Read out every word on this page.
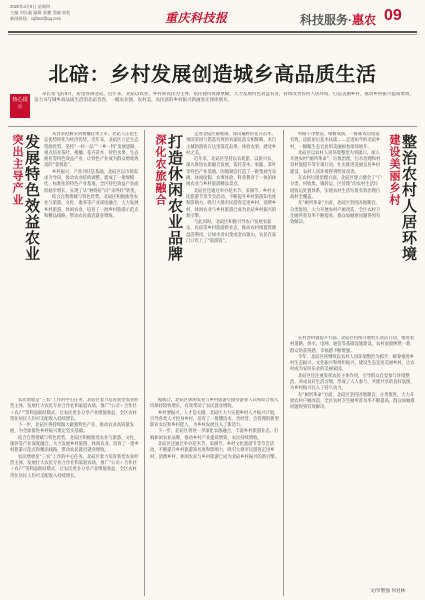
2020年4月9日 星期四
主编 刘长翁 编辑 张鹏 美编 郭松
新闻热线：cqfaxz@qq.com	重庆科技报	科技服务·惠农 09
北碚：乡村发展创造城乡高品质生活
核心提示

草长莺飞的4月，希望春满北碚。近年来，北碚以农业、乡村和农民为主体，依托独特资源禀赋，大力发展特色效益农业，持续改善农村人居环境，打造美丽乡村，推动乡村振兴提质增效，奋力书写城乡高品质生活的北碚答卷，一幅农业强、农村美、农民富的乡村振兴新画卷正徐徐展开。

突出主导产业 发展特色效益农业	从春茶抢摘采到柑橘挂果上市，北碚人正把生态优势转化为经济优势。近年来，北碚区立足生态资源优势，坚持“一村一品”“一乡一特”发展思路，重点培育茶叶、柑橘、花卉苗木、特色水果、生态渔业等特色效益产业，让特色产业成为群众增收致富的“金钥匙”。

乡村振兴，产业兴旺是基础。北碚区以市场需求为导向，推动农业结构调整，建成了一批规模化、标准化的特色产业基地，全区特色效益产业面积稳步增长，实现了从“种得好”向“卖得好”转变。

结合自然禀赋与特色优势，北碚区积极推进农业与旅游、文化、康养等产业深度融合，大力发展乡村旅游、休闲农业，培育了一批乡村旅游示范点和精品线路，带动农民就近就业增收。

农民增收是“三农”工作的中心任务。北碚区着力培育新型农业经营主体，发展壮大农民专业合作社和家庭农场，推广“公司＋合作社＋农户”等利益联结模式，让农民更多分享产业增值收益，全区农村常住居民人均可支配收入持续增长。

下一步，北碚区将持续做大做强特色产业，推动农业高质量发展，为全面推进乡村振兴奠定坚实基础。

结合自然禀赋与特色优势，北碚区积极推进农业与旅游、文化、康养等产业深度融合，大力发展乡村旅游、休闲农业，培育了一批乡村旅游示范点和精品线路，带动农民就近就业增收。

农民增收是“三农”工作的中心任务。北碚区着力培育新型农业经营主体，发展壮大农民专业合作社和家庭农场，推广“公司＋合作社＋农户”等利益联结模式，让农民更多分享产业增值收益，全区农村常住居民人均可支配收入持续增长。

深化农旅融合 打造休闲农业品牌	走进北碚区静观镇，漫山遍野的花卉苗木、果园茶园与错落有致的农家院落交相辉映，来自主城的游客在这里赏花品果、体验农事，感受乡村之美。

近年来，北碚区坚持以农促旅、以旅兴农，深入推进农旅融合发展，依托花木、果蔬、茶叶等特色产业基地，因地制宜打造了一批集观光采摘、休闲度假、农事体验、科普教育于一体的休闲农业与乡村旅游精品景点。

北碚区还通过举办花木节、采摘节、乡村文化旅游节等节会活动，不断提升乡村旅游知名度和影响力，吸引大批市民游客走进乡村、消费乡村，休闲农业与乡村旅游已成为北碚乡村振兴的新引擎。

与此同时，北碚区积极引导农户发展农家乐、民宿等乡村旅游新业态，推动农村闲置资源盘活利用，让绿水青山变成金山银山，农民在家门口吃上了“旅游饭”。

据统计，北碚区休闲农业与乡村旅游年接待游客人次和综合收入均保持较快增长，有效带动了农民就业增收。

乡村要振兴，人才是关键。北碚区大力实施乡村人才振兴计划，引导各类人才投身乡村，培育了一批懂技术、善经营、会管理的新型职业农民和乡村能人，为乡村发展注入了新活力。

下一步，北碚区将进一步深化农旅融合，丰富乡村旅游业态，打响休闲农业品牌，推动乡村产业提质增效、农民持续增收。

北碚区还通过举办花木节、采摘节、乡村文化旅游节等节会活动，不断提升乡村旅游知名度和影响力，吸引大批市民游客走进乡村、消费乡村，休闲农业与乡村旅游已成为北碚乡村振兴的新引擎。

村路干净整洁，绿树成荫，一栋栋农房错落有致，房前屋后花木扶疏……走进如今的北碚乡村，一幅幅生态宜居的美丽画卷徐徐展开。

北碚区以农村人居环境整治为突破口，深入开展农村“厕所革命”、垃圾治理、污水治理和村容村貌提升等专项行动，扎实推进美丽宜居乡村建设，农村人居环境得到明显改善。

在农村垃圾治理方面，北碚区建立健全了“户分类、村收集、镇转运、区处理”的农村生活垃圾收运处置体系，实现农村生活垃圾有效治理行政村全覆盖。

在“厕所革命”方面，北碚区坚持因地制宜、分类推进，大力开展农村户厕改造，全区农村卫生厕所普及率不断提高，群众如厕难问题得到有效解决。

建设美丽乡村 整治农村人居环境

在村容村貌提升方面，北碚区持续开展村庄清洁行动，推进农村道路、供水、电网、通信等基础设施建设，农村面貌焕然一新，群众的获得感、幸福感不断增强。

今年，北碚区将继续以农村人居环境整治为抓手，统筹推进乡村生态振兴、文化振兴和组织振兴，建设生态宜居美丽乡村，让农村成为安居乐业的美丽家园。

北碚区还注重发挥农民主体作用，引导群众自觉参与环境整治，养成良好生活习惯，形成了人人参与、共建共享的良好氛围，为乡村振兴注入了持久动力。

在“厕所革命”方面，北碚区坚持因地制宜、分类推进，大力开展农村户厕改造，全区农村卫生厕所普及率不断提高，群众如厕难问题得到有效解决。

文/罗繁强 何君林
